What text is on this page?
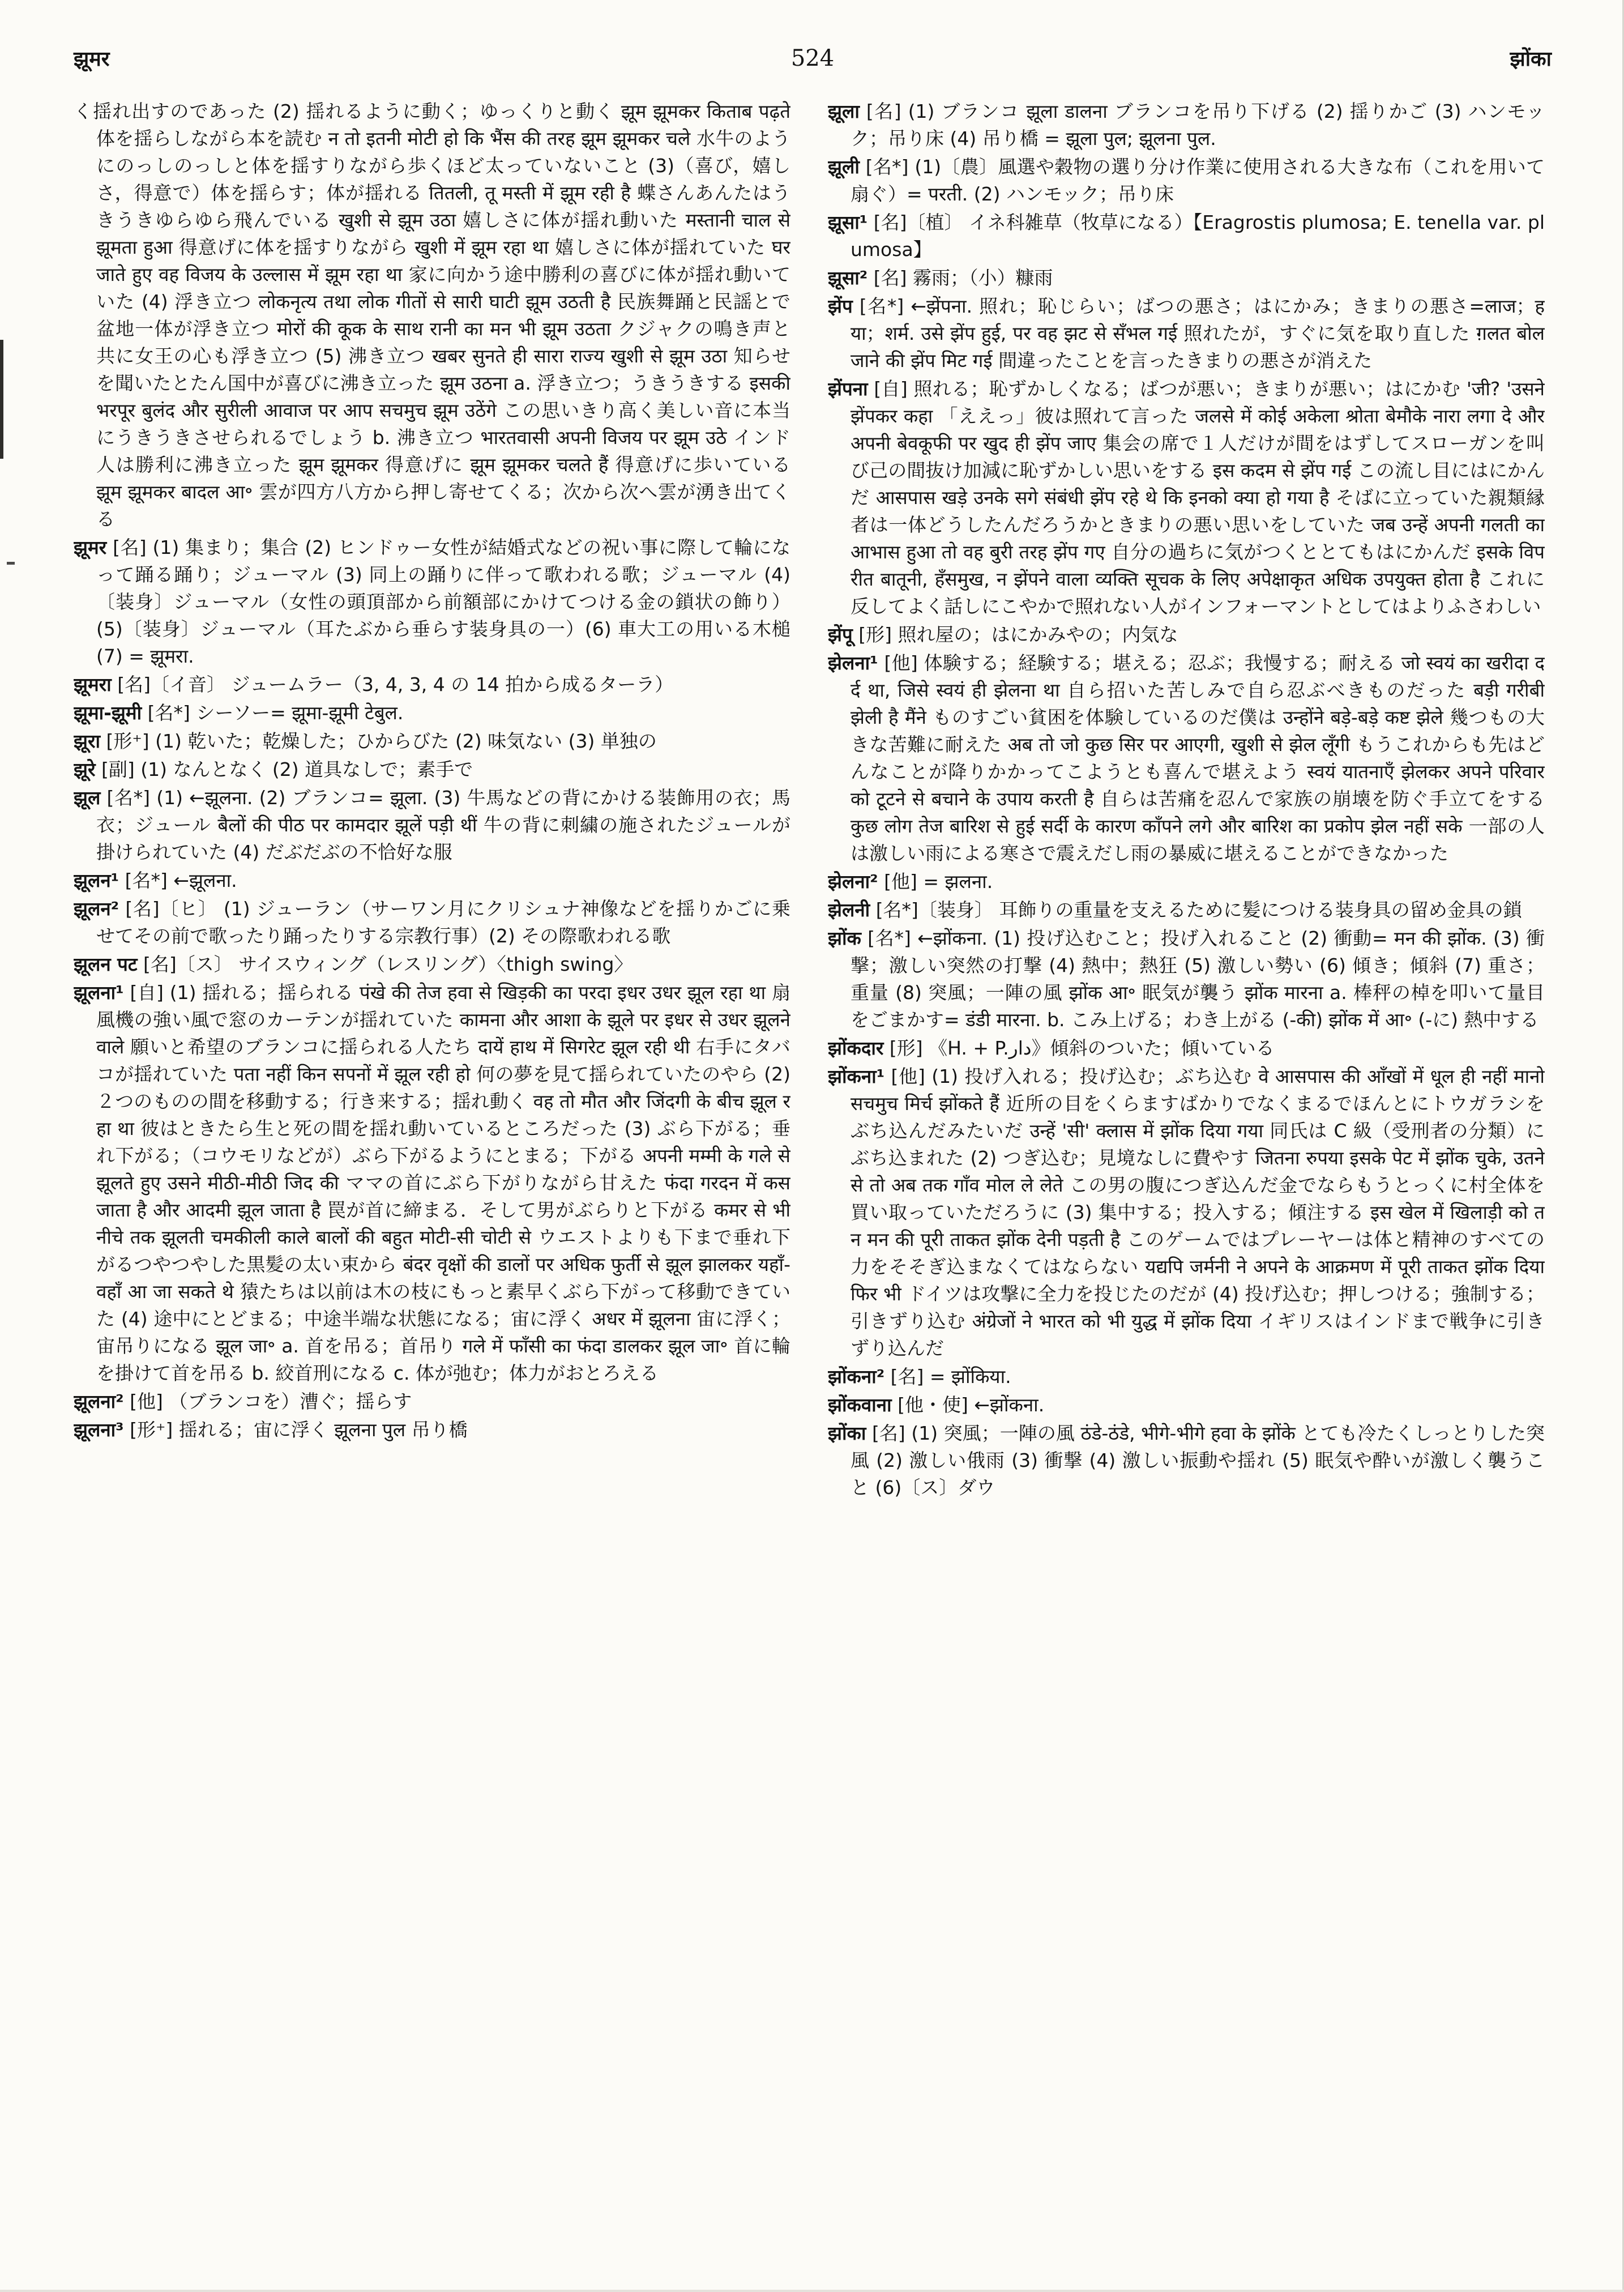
झूमर	524	झोंका

く揺れ出すのであった (2) 揺れるように動く；ゆっくりと動く झूम झूमकर किताब पढ़ते 体を揺らしながら本を読む न तो इतनी मोटी हो कि भैंस की तरह झूम झूमकर चले 水牛のようにのっしのっしと体を揺すりながら歩くほど太っていないこと (3)（喜び，嬉しさ，得意で）体を揺らす；体が揺れる तितली, तू मस्ती में झूम रही है 蝶さんあんたはうきうきゆらゆら飛んでいる खुशी से झूम उठा 嬉しさに体が揺れ動いた मस्तानी चाल से झूमता हुआ 得意げに体を揺すりながら खुशी में झूम रहा था 嬉しさに体が揺れていた घर जाते हुए वह विजय के उल्लास में झूम रहा था 家に向かう途中勝利の喜びに体が揺れ動いていた (4) 浮き立つ लोकनृत्य तथा लोक गीतों से सारी घाटी झूम उठती है 民族舞踊と民謡とで盆地一体が浮き立つ मोरों की कूक के साथ रानी का मन भी झूम उठता クジャクの鳴き声と共に女王の心も浮き立つ (5) 沸き立つ खबर सुनते ही सारा राज्य खुशी से झूम उठा 知らせを聞いたとたん国中が喜びに沸き立った झूम उठना a. 浮き立つ；うきうきする इसकी भरपूर बुलंद और सुरीली आवाज पर आप सचमुच झूम उठेंगे この思いきり高く美しい音に本当にうきうきさせられるでしょう b. 沸き立つ भारतवासी अपनी विजय पर झूम उठे インド人は勝利に沸き立った झूम झूमकर 得意げに झूम झूमकर चलते हैं 得意げに歩いている झूम झूमकर बादल आ॰ 雲が四方八方から押し寄せてくる；次から次へ雲が湧き出てくる

झूमर [名] (1) 集まり；集合 (2) ヒンドゥー女性が結婚式などの祝い事に際して輪になって踊る踊り；ジューマル (3) 同上の踊りに伴って歌われる歌；ジューマル (4)〔装身〕ジューマル（女性の頭頂部から前額部にかけてつける金の鎖状の飾り）(5)〔装身〕ジューマル（耳たぶから垂らす装身具の一）(6) 車大工の用いる木槌 (7) = झूमरा.

झूमरा [名]〔イ音〕 ジュームラー（3, 4, 3, 4 の 14 拍から成るターラ）

झूमा-झूमी [名*] シーソー= झूमा-झूमी टेबुल.

झूरा [形⁺] (1) 乾いた；乾燥した；ひからびた (2) 味気ない (3) 単独の

झूरे [副] (1) なんとなく (2) 道具なしで；素手で

झूल [名*] (1) ←झूलना. (2) ブランコ= झूला. (3) 牛馬などの背にかける装飾用の衣；馬衣；ジュール बैलों की पीठ पर कामदार झूलें पड़ी थीं 牛の背に刺繍の施されたジュールが掛けられていた (4) だぶだぶの不恰好な服

झूलन¹ [名*] ←झूलना.

झूलन² [名]〔ヒ〕 (1) ジューラン（サーワン月にクリシュナ神像などを揺りかごに乗せてその前で歌ったり踊ったりする宗教行事）(2) その際歌われる歌

झूलन पट [名]〔ス〕 サイスウィング（レスリング）〈thigh swing〉

झूलना¹ [自] (1) 揺れる；揺られる पंखे की तेज हवा से खिड़की का परदा इधर उधर झूल रहा था 扇風機の強い風で窓のカーテンが揺れていた कामना और आशा के झूले पर इधर से उधर झूलने वाले 願いと希望のブランコに揺られる人たち दायें हाथ में सिगरेट झूल रही थी 右手にタバコが揺れていた पता नहीं किन सपनों में झूल रही हो 何の夢を見て揺られていたのやら (2) ２つのものの間を移動する；行き来する；揺れ動く वह तो मौत और जिंदगी के बीच झूल रहा था 彼はときたら生と死の間を揺れ動いているところだった (3) ぶら下がる；垂れ下がる；（コウモリなどが）ぶら下がるようにとまる；下がる अपनी मम्मी के गले से झूलते हुए उसने मीठी-मीठी जिद की ママの首にぶら下がりながら甘えた फंदा गरदन में कस जाता है और आदमी झूल जाता है 罠が首に締まる．そして男がぶらりと下がる कमर से भी नीचे तक झूलती चमकीली काले बालों की बहुत मोटी-सी चोटी से ウエストよりも下まで垂れ下がるつやつやした黒髪の太い束から बंदर वृक्षों की डालों पर अधिक फुर्ती से झूल झालकर यहाँ-वहाँ आ जा सकते थे 猿たちは以前は木の枝にもっと素早くぶら下がって移動できていた (4) 途中にとどまる；中途半端な状態になる；宙に浮く अधर में झूलना 宙に浮く；宙吊りになる झूल जा॰ a. 首を吊る；首吊り गले में फाँसी का फंदा डालकर झूल जा॰ 首に輪を掛けて首を吊る b. 絞首刑になる c. 体が弛む；体力がおとろえる

झूलना² [他] （ブランコを）漕ぐ；揺らす

झूलना³ [形⁺] 揺れる；宙に浮く झूलना पुल 吊り橋

झूला [名] (1) ブランコ झूला डालना ブランコを吊り下げる (2) 揺りかご (3) ハンモック；吊り床 (4) 吊り橋 = झूला पुल; झूलना पुल.

झूली [名*] (1)〔農〕風選や穀物の選り分け作業に使用される大きな布（これを用いて扇ぐ）= परती. (2) ハンモック；吊り床

झूसा¹ [名]〔植〕 イネ科雑草（牧草になる）【Eragrostis plumosa; E. tenella var. plumosa】

झूसा² [名] 霧雨；（小）糠雨

झेंप [名*] ←झेंपना. 照れ；恥じらい；ばつの悪さ；はにかみ；きまりの悪さ=लाज；हया；शर्म. उसे झेंप हुई, पर वह झट से सँभल गई 照れたが，すぐに気を取り直した ग़लत बोल जाने की झेंप मिट गई 間違ったことを言ったきまりの悪さが消えた

झेंपना [自] 照れる；恥ずかしくなる；ばつが悪い；きまりが悪い；はにかむ 'जी? 'उसने झेंपकर कहा 「ええっ」彼は照れて言った जलसे में कोई अकेला श्रोता बेमौके नारा लगा दे और अपनी बेवकूफी पर खुद ही झेंप जाए 集会の席で１人だけが間をはずしてスローガンを叫び己の間抜け加減に恥ずかしい思いをする इस कदम से झेंप गई この流し目にはにかんだ आसपास खड़े उनके सगे संबंधी झेंप रहे थे कि इनको क्या हो गया है そばに立っていた親類縁者は一体どうしたんだろうかときまりの悪い思いをしていた जब उन्हें अपनी गलती का आभास हुआ तो वह बुरी तरह झेंप गए 自分の過ちに気がつくととてもはにかんだ इसके विपरीत बातूनी, हँसमुख, न झेंपने वाला व्यक्ति सूचक के लिए अपेक्षाकृत अधिक उपयुक्त होता है これに反してよく話しにこやかで照れない人がインフォーマントとしてはよりふさわしい

झेंपू [形] 照れ屋の；はにかみやの；内気な

झेलना¹ [他] 体験する；経験する；堪える；忍ぶ；我慢する；耐える जो स्वयं का खरीदा दर्द था, जिसे स्वयं ही झेलना था 自ら招いた苦しみで自ら忍ぶべきものだった बड़ी गरीबी झेली है मैंने ものすごい貧困を体験しているのだ僕は उन्होंने बड़े-बड़े कष्ट झेले 幾つもの大きな苦難に耐えた अब तो जो कुछ सिर पर आएगी, खुशी से झेल लूँगी もうこれからも先はどんなことが降りかかってこようとも喜んで堪えよう स्वयं यातनाएँ झेलकर अपने परिवार को टूटने से बचाने के उपाय करती है 自らは苦痛を忍んで家族の崩壊を防ぐ手立てをする कुछ लोग तेज बारिश से हुई सर्दी के कारण काँपने लगे और बारिश का प्रकोप झेल नहीं सके 一部の人は激しい雨による寒さで震えだし雨の暴威に堪えることができなかった

झेलना² [他] = झलना.

झेलनी [名*]〔装身〕 耳飾りの重量を支えるために髪につける装身具の留め金具の鎖

झोंक [名*] ←झोंकना. (1) 投げ込むこと；投げ入れること (2) 衝動= मन की झोंक. (3) 衝撃；激しい突然の打撃 (4) 熱中；熱狂 (5) 激しい勢い (6) 傾き；傾斜 (7) 重さ；重量 (8) 突風；一陣の風 झोंक आ॰ 眠気が襲う झोंक मारना a. 棒秤の棹を叩いて量目をごまかす= डंडी मारना. b. こみ上げる；わき上がる (-की) झोंक में आ॰ (-に) 熱中する

झोंकदार [形] 《H. + P.دار》傾斜のついた；傾いている

झोंकना¹ [他] (1) 投げ入れる；投げ込む；ぶち込む वे आसपास की आँखों में धूल ही नहीं मानो सचमुच मिर्च झोंकते हैं 近所の目をくらますばかりでなくまるでほんとにトウガラシをぶち込んだみたいだ उन्हें 'सी' क्लास में झोंक दिया गया 同氏は C 級（受刑者の分類）にぶち込まれた (2) つぎ込む；見境なしに費やす जितना रुपया इसके पेट में झोंक चुके, उतने से तो अब तक गाँव मोल ले लेते この男の腹につぎ込んだ金でならもうとっくに村全体を買い取っていただろうに (3) 集中する；投入する；傾注する इस खेल में खिलाड़ी को तन मन की पूरी ताकत झोंक देनी पड़ती है このゲームではプレーヤーは体と精神のすべての力をそそぎ込まなくてはならない यद्यपि जर्मनी ने अपने के आक्रमण में पूरी ताकत झोंक दिया फिर भी ドイツは攻撃に全力を投じたのだが (4) 投げ込む；押しつける；強制する；引きずり込む अंग्रेजों ने भारत को भी युद्ध में झोंक दिया イギリスはインドまで戦争に引きずり込んだ

झोंकना² [名] = झोंकिया.

झोंकवाना [他・使] ←झोंकना.

झोंका [名] (1) 突風；一陣の風 ठंडे-ठंडे, भीगे-भीगे हवा के झोंके とても冷たくしっとりした突風 (2) 激しい俄雨 (3) 衝撃 (4) 激しい振動や揺れ (5) 眠気や酔いが激しく襲うこと (6)〔ス〕ダウ
